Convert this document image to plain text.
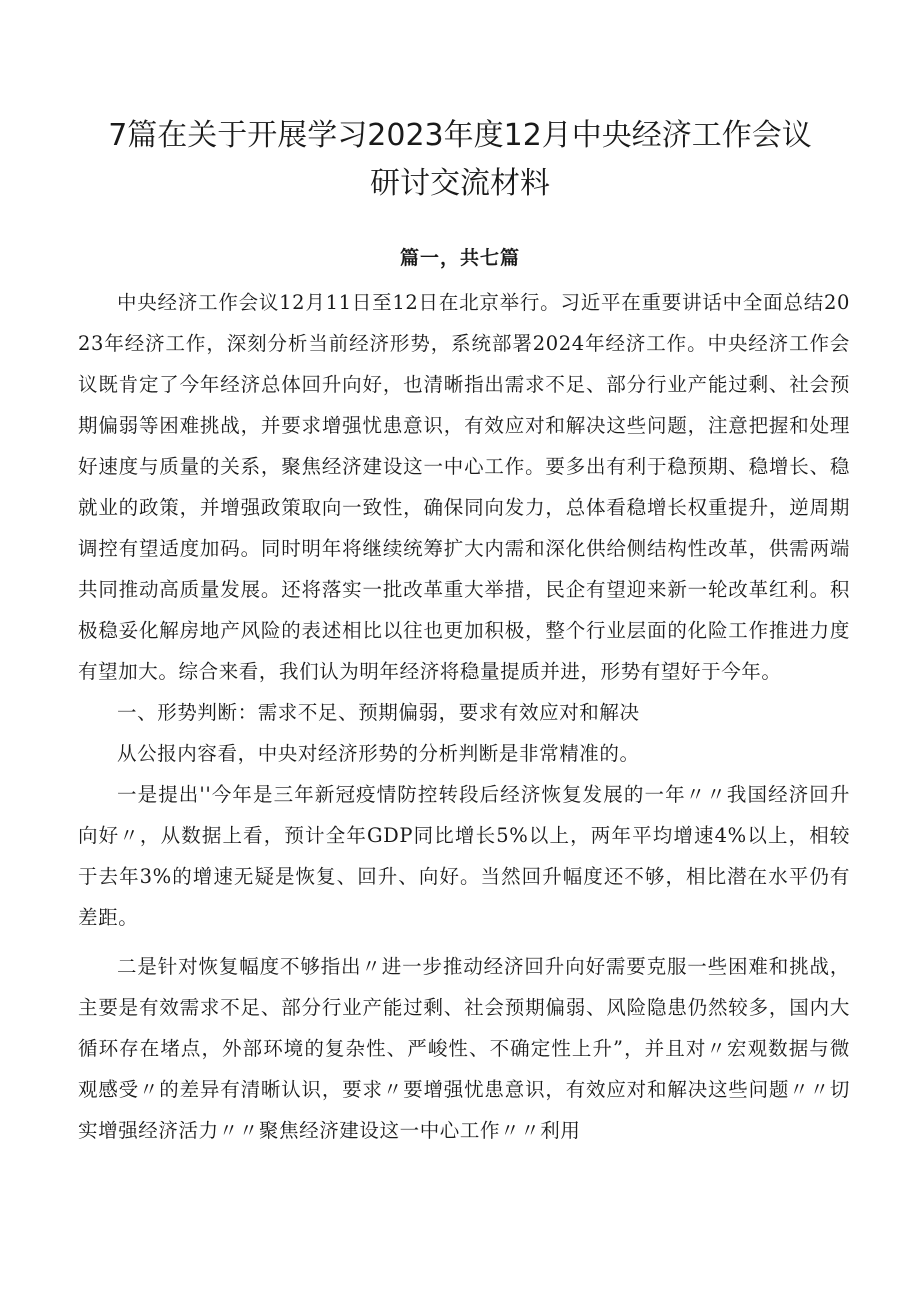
7篇在关于开展学习2023年度12月中央经济工作会议
研讨交流材料
篇一，共七篇

中央经济工作会议12月11日至12日在北京举行。习近平在重要讲话中全面总结2023年经济工作，深刻分析当前经济形势，系统部署2024年经济工作。中央经济工作会议既肯定了今年经济总体回升向好，也清晰指出需求不足、部分行业产能过剩、社会预期偏弱等困难挑战，并要求增强忧患意识，有效应对和解决这些问题，注意把握和处理好速度与质量的关系，聚焦经济建设这一中心工作。要多出有利于稳预期、稳增长、稳就业的政策，并增强政策取向一致性，确保同向发力，总体看稳增长权重提升，逆周期调控有望适度加码。同时明年将继续统筹扩大内需和深化供给侧结构性改革，供需两端共同推动高质量发展。还将落实一批改革重大举措，民企有望迎来新一轮改革红利。积极稳妥化解房地产风险的表述相比以往也更加积极，整个行业层面的化险工作推进力度有望加大。综合来看，我们认为明年经济将稳量提质并进，形势有望好于今年。

一、形势判断：需求不足、预期偏弱，要求有效应对和解决

从公报内容看，中央对经济形势的分析判断是非常精准的。

一是提出''今年是三年新冠疫情防控转段后经济恢复发展的一年〃〃我国经济回升向好〃，从数据上看，预计全年GDP同比增长5%以上，两年平均增速4%以上，相较于去年3%的增速无疑是恢复、回升、向好。当然回升幅度还不够，相比潜在水平仍有差距。

二是针对恢复幅度不够指出〃进一步推动经济回升向好需要克服一些困难和挑战，主要是有效需求不足、部分行业产能过剩、社会预期偏弱、风险隐患仍然较多，国内大循环存在堵点，外部环境的复杂性、严峻性、不确定性上升”，并且对〃宏观数据与微观感受〃的差异有清晰认识，要求〃要增强忧患意识，有效应对和解决这些问题〃〃切实增强经济活力〃〃聚焦经济建设这一中心工作〃〃利用
